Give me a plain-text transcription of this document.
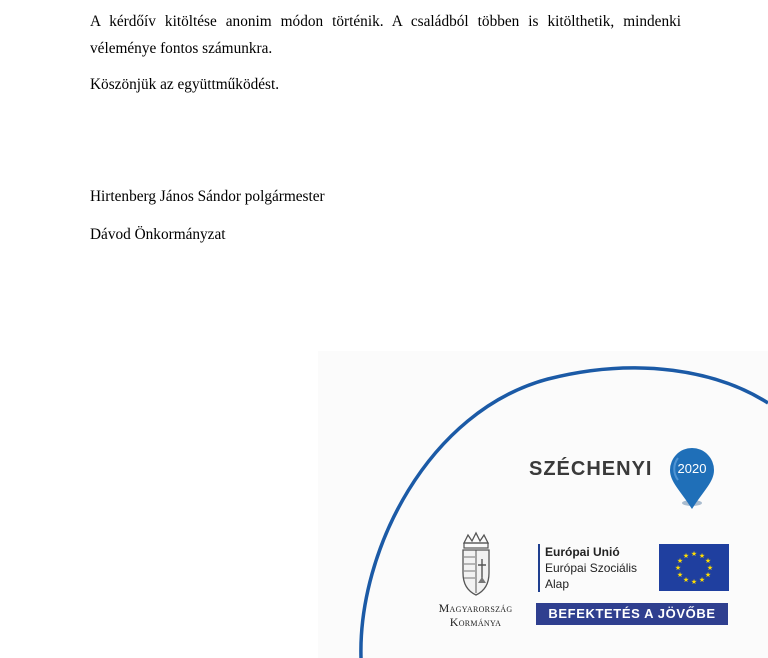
A kérdőív kitöltése anonim módon történik. A családból többen is kitölthetik, mindenki véleménye fontos számunkra.

Köszönjük az együttműködést.

Hirtenberg János Sándor polgármester

Dávod Önkormányzat

SZÉCHENYI	2020
Magyarország
Kormánya
Európai Unió
Európai Szociális
Alap
★ ★
★
★
★
★
★
★
★
★
★
★
BEFEKTETÉS A JÖVŐBE
